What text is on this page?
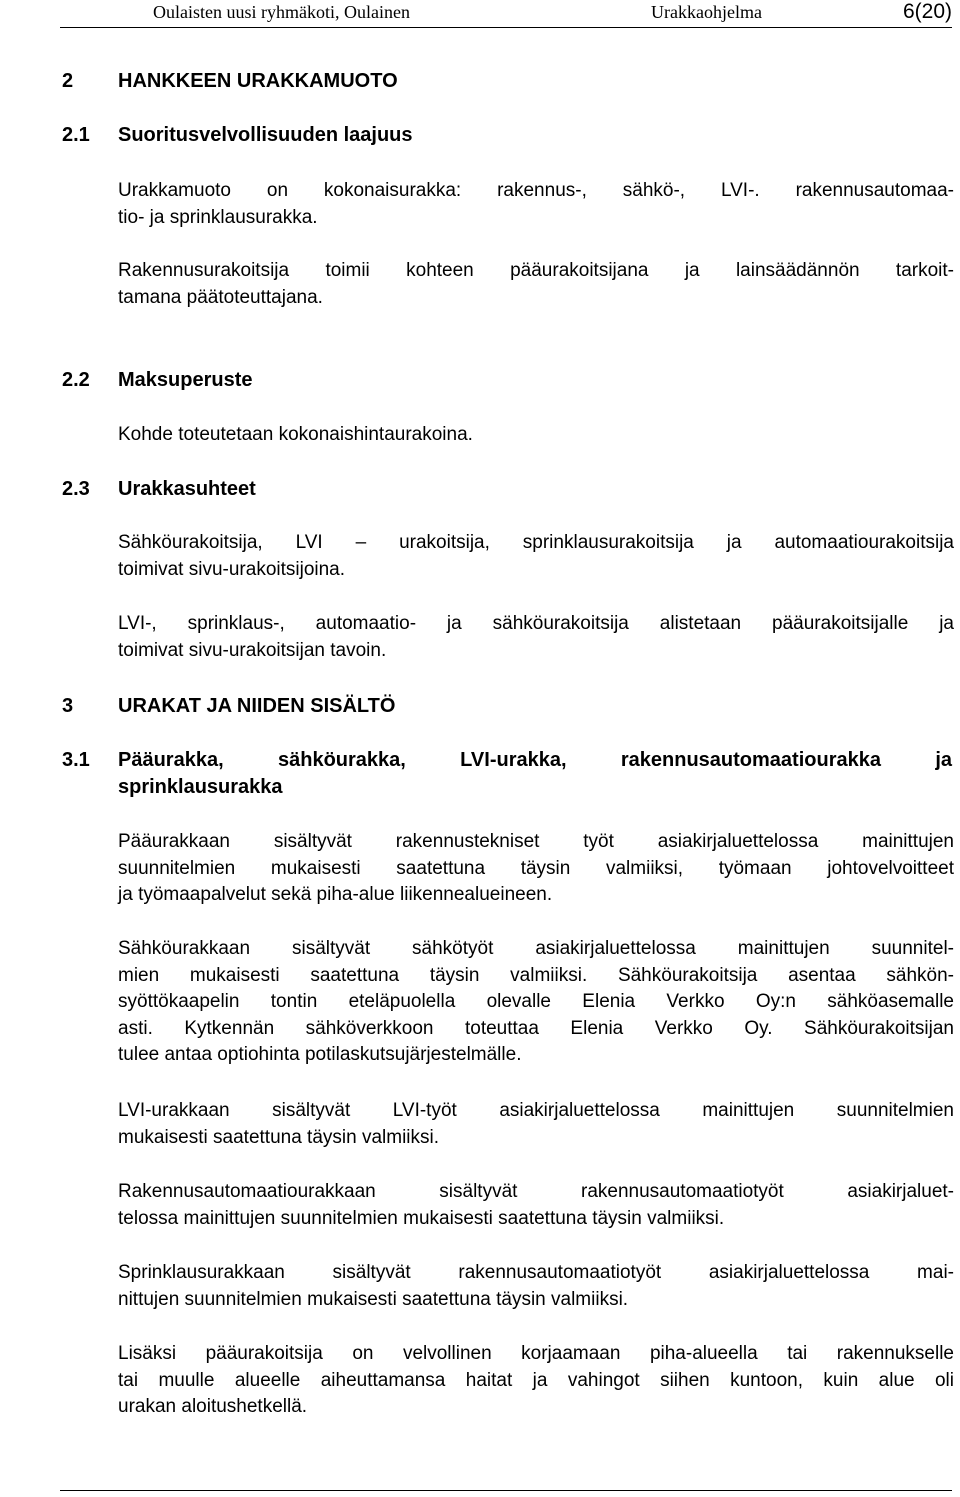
Oulaisten uusi ryhmäkoti, Oulainen	Urakkaohjelma	6(20)
2 HANKKEEN URAKKAMUOTO
2.1 Suoritusvelvollisuuden laajuus
Urakkamuoto on kokonaisurakka: rakennus-, sähkö-, LVI-. rakennusautomaa-
tio- ja sprinklausurakka.
Rakennusurakoitsija toimii kohteen pääurakoitsijana ja lainsäädännön tarkoit-
tamana päätoteuttajana.
2.2 Maksuperuste
Kohde toteutetaan kokonaishintaurakoina.
2.3 Urakkasuhteet
Sähköurakoitsija, LVI – urakoitsija, sprinklausurakoitsija ja automaatiourakoitsija
toimivat sivu-urakoitsijoina.
LVI-, sprinklaus-, automaatio- ja sähköurakoitsija alistetaan pääurakoitsijalle ja
toimivat sivu-urakoitsijan tavoin.
3 URAKAT JA NIIDEN SISÄLTÖ
3.1	Pääurakka, sähköurakka, LVI-urakka, rakennusautomaatiourakka ja
sprinklausurakka
Pääurakkaan sisältyvät rakennustekniset työt asiakirjaluettelossa mainittujen
suunnitelmien mukaisesti saatettuna täysin valmiiksi, työmaan johtovelvoitteet
ja työmaapalvelut sekä piha-alue liikennealueineen.
Sähköurakkaan sisältyvät sähkötyöt asiakirjaluettelossa mainittujen suunnitel-
mien mukaisesti saatettuna täysin valmiiksi. Sähköurakoitsija asentaa sähkön-
syöttökaapelin tontin eteläpuolella olevalle Elenia Verkko Oy:n sähköasemalle
asti. Kytkennän sähköverkkoon toteuttaa Elenia Verkko Oy. Sähköurakoitsijan
tulee antaa optiohinta potilaskutsujärjestelmälle.
LVI-urakkaan sisältyvät LVI-työt asiakirjaluettelossa mainittujen suunnitelmien
mukaisesti saatettuna täysin valmiiksi.
Rakennusautomaatiourakkaan sisältyvät rakennusautomaatiotyöt asiakirjaluet-
telossa mainittujen suunnitelmien mukaisesti saatettuna täysin valmiiksi.
Sprinklausurakkaan sisältyvät rakennusautomaatiotyöt asiakirjaluettelossa mai-
nittujen suunnitelmien mukaisesti saatettuna täysin valmiiksi.
Lisäksi pääurakoitsija on velvollinen korjaamaan piha-alueella tai rakennukselle
tai muulle alueelle aiheuttamansa haitat ja vahingot siihen kuntoon, kuin alue oli
urakan aloitushetkellä.
